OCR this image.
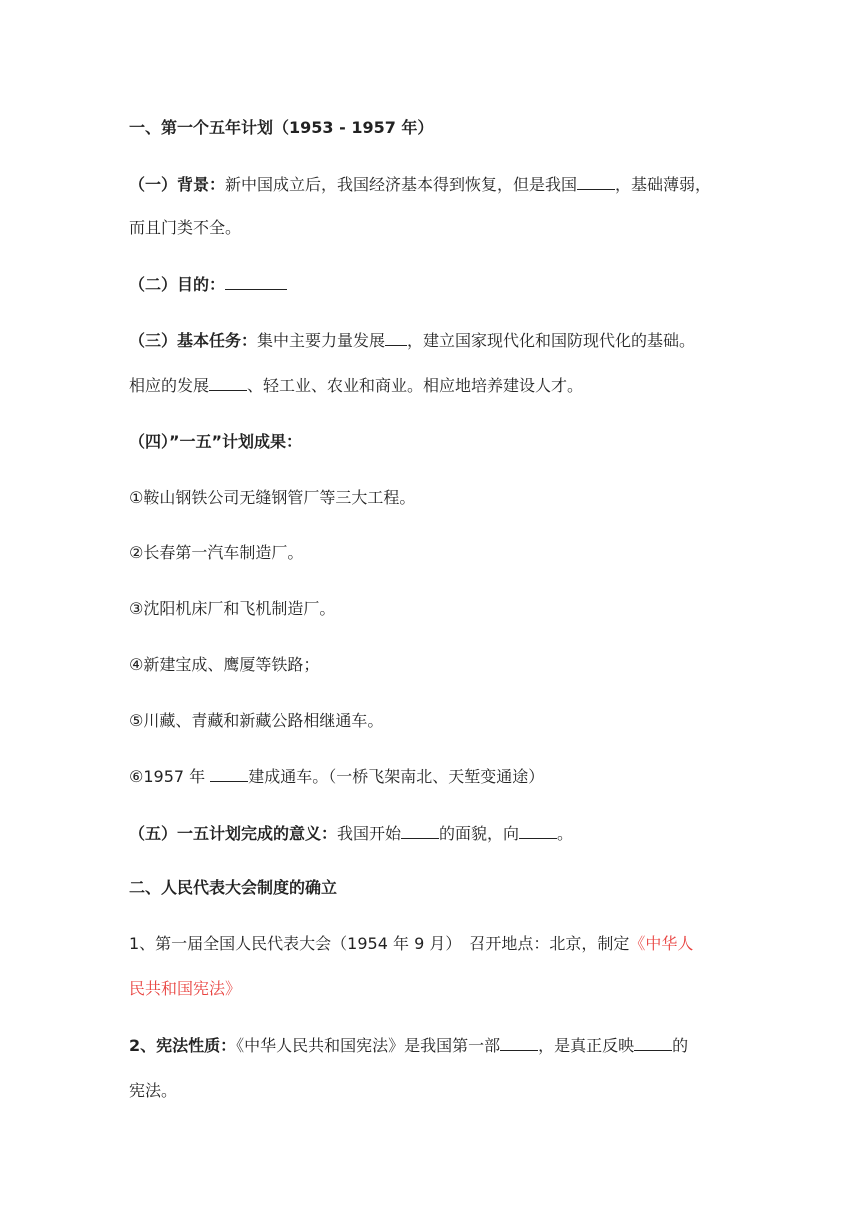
一、第一个五年计划（1953 - 1957 年）
（一）背景：新中国成立后，我国经济基本得到恢复，但是我国 ，基础薄弱，
而且门类不全。
（二）目的：
（三）基本任务：集中主要力量发展 ，建立国家现代化和国防现代化的基础。
相应的发展 、轻工业、农业和商业。相应地培养建设人才。
（四）”一五”计划成果：
①鞍山钢铁公司无缝钢管厂等三大工程。
②长春第一汽车制造厂。
③沈阳机床厂和飞机制造厂。
④新建宝成、鹰厦等铁路；
⑤川藏、青藏和新藏公路相继通车。
⑥1957 年 建成通车。（一桥飞架南北、天堑变通途）
（五）一五计划完成的意义：我国开始 的面貌，向 。
二、人民代表大会制度的确立
1、第一届全国人民代表大会（1954 年 9 月）　召开地点：北京，制定《中华人
民共和国宪法》
2、宪法性质：《中华人民共和国宪法》是我国第一部 ，是真正反映 的
宪法。
